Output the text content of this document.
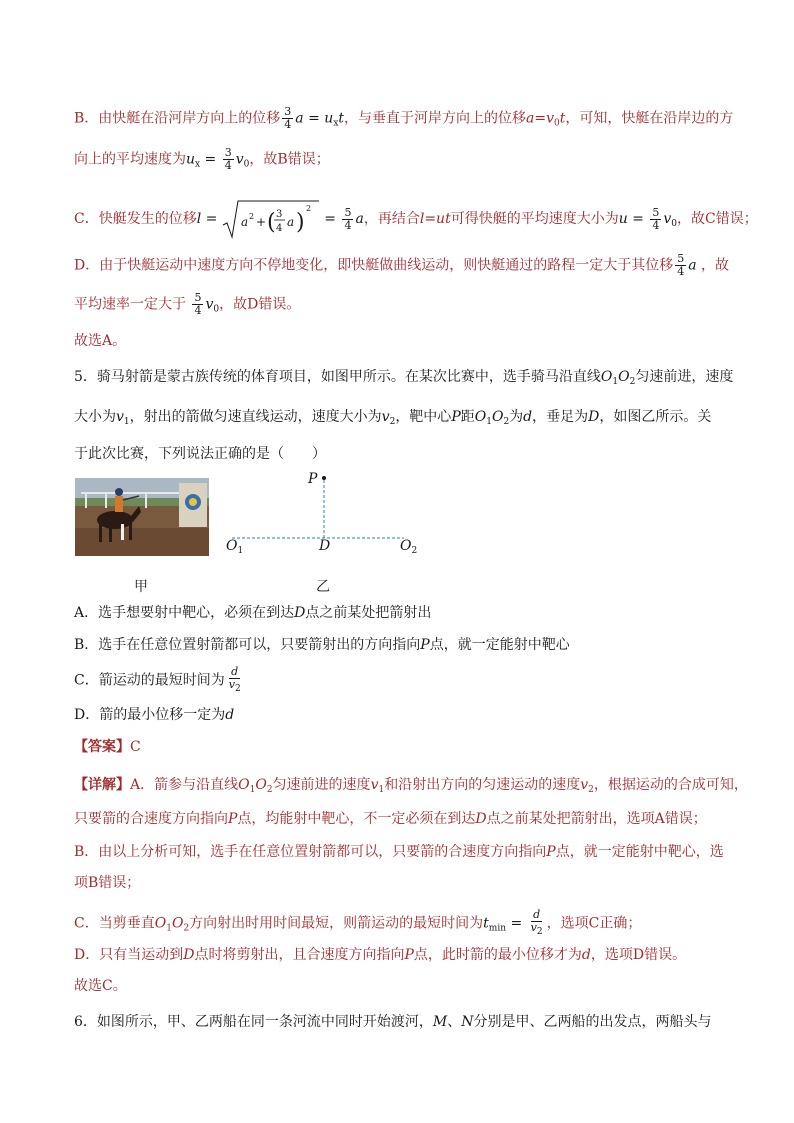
B．由快艇在沿河岸方向上的位移 $\frac{3}{4}$ $a = u_xt$，与垂直于河岸方向上的位移$a=v_0t$，可知，快艇在沿岸边的方
向上的平均速度为$u_x = \frac{3}{4} v_0$，故B错误；
C．快艇发生的位移l = a 2 + ( 3
4 a )
2
= $\frac{5}{4}$ a，再结合l=ut可得快艇的平均速度大小为$u = \frac{5}{4} v_0$，故C错误；
D．由于快艇运动中速度方向不停地变化，即快艇做曲线运动，则快艇通过的路程一定大于其位移 $\frac{5}{4}$ a ，故
平均速率一定大于 $\frac{5}{4} v_0$，故D错误。
故选A。
5．骑马射箭是蒙古族传统的体育项目，如图甲所示。在某次比赛中，选手骑马沿直线$O_1O_2$匀速前进，速度
大小为$v_1$，射出的箭做匀速直线运动，速度大小为$v_2$，靶中心P距$O_1O_2$为d，垂足为D，如图乙所示。关
于此次比赛，下列说法正确的是（　　）
P
D
$O_1$	$O_2$
甲	乙
A．选手想要射中靶心，必须在到达D点之前某处把箭射出
B．选手在任意位置射箭都可以，只要箭射出的方向指向P点，就一定能射中靶心
C．箭运动的最短时间为 $\frac{d}{v_2}$
D．箭的最小位移一定为d
【答案】C
【详解】A．箭参与沿直线$O_1O_2$匀速前进的速度$v_1$和沿射出方向的匀速运动的速度$v_2$，根据运动的合成可知，
只要箭的合速度方向指向P点，均能射中靶心，不一定必须在到达D点之前某处把箭射出，选项A错误；
B．由以上分析可知，选手在任意位置射箭都可以，只要箭的合速度方向指向P点，就一定能射中靶心，选
项B错误；
C．当剪垂直$O_1O_2$方向射出时用时间最短，则箭运动的最短时间为$t_{min} = \frac{d}{v_2}$ ，选项C正确；
D．只有当运动到D点时将剪射出，且合速度方向指向P点，此时箭的最小位移才为d，选项D错误。
故选C。
6．如图所示，甲、乙两船在同一条河流中同时开始渡河，M、N分别是甲、乙两船的出发点，两船头与
